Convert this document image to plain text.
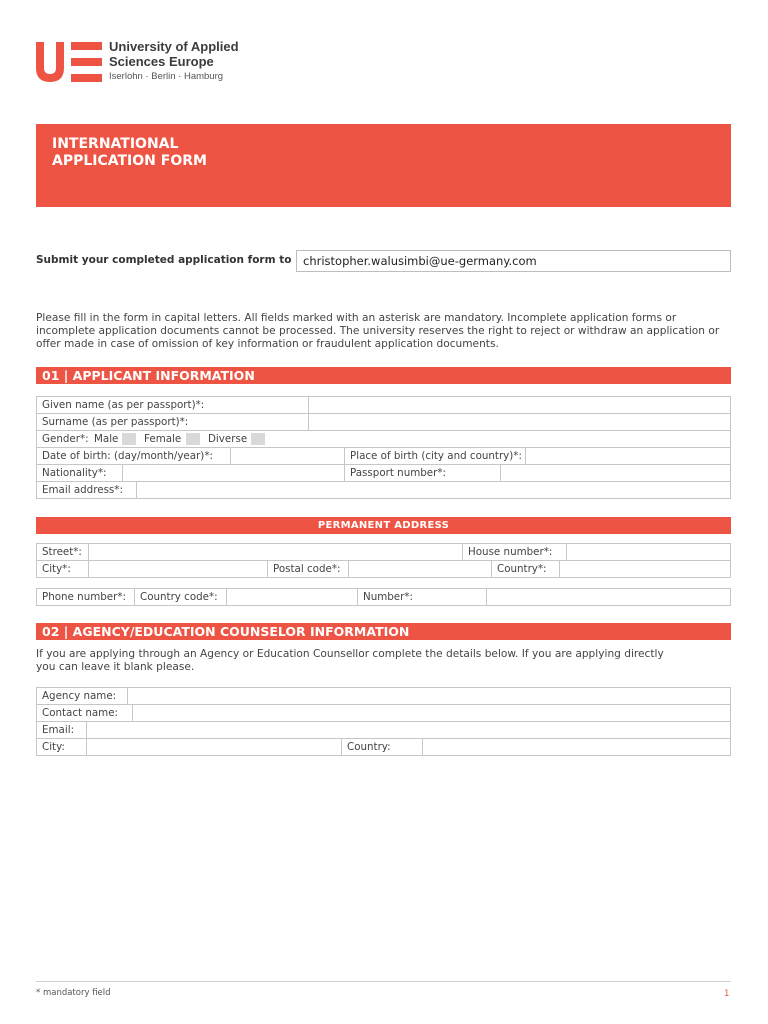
University of Applied
Sciences Europe
Iserlohn · Berlin · Hamburg
INTERNATIONAL
APPLICATION FORM
Submit your completed application form to	christopher.walusimbi@ue-germany.com
Please fill in the form in capital letters. All fields marked with an asterisk are mandatory. Incomplete application forms or incomplete application documents cannot be processed. The university reserves the right to reject or withdraw an application or offer made in case of omission of key information or fraudulent application documents.
01 | APPLICANT INFORMATION
Given name (as per passport)*:
Surname (as per passport)*:
Gender*: Male	Female	Diverse
Date of birth: (day/month/year)*:	Place of birth (city and country)*:
Nationality*:	Passport number*:
Email address*:
PERMANENT ADDRESS
Street*:	House number*:
City*:	Postal code*:	Country*:
Phone number*:	Country code*:	Number*:
02 | AGENCY/EDUCATION COUNSELOR INFORMATION
If you are applying through an Agency or Education Counsellor complete the details below. If you are applying directly you can leave it blank please.
Agency name:
Contact name:
Email:
City:	Country:
* mandatory field	1
